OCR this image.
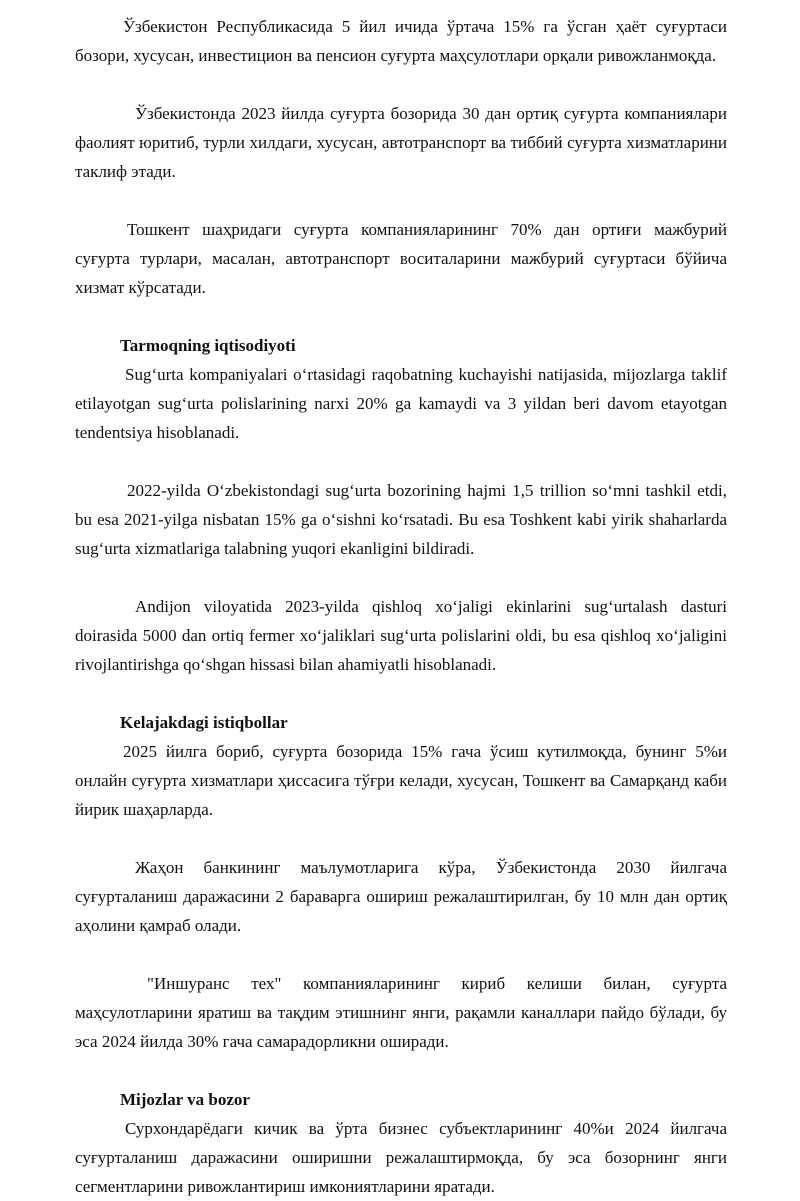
Ўзбекистон Республикасида 5 йил ичида ўртача 15% га ўсган ҳаёт суғуртаси бозори, хусусан, инвестицион ва пенсион суғурта маҳсулотлари орқали ривожланмоқда.

Ўзбекистонда 2023 йилда суғурта бозорида 30 дан ортиқ суғурта компаниялари фаолият юритиб, турли хилдаги, хусусан, автотранспорт ва тиббий суғурта хизматларини таклиф этади.

Тошкент шаҳридаги суғурта компанияларининг 70% дан ортиғи мажбурий суғурта турлари, масалан, автотранспорт воситаларини мажбурий суғуртаси бўйича хизмат кўрсатади.

Tarmoqning iqtisodiyoti

Sugʻurta kompaniyalari oʻrtasidagi raqobatning kuchayishi natijasida, mijozlarga taklif etilayotgan sugʻurta polislarining narxi 20% ga kamaydi va 3 yildan beri davom etayotgan tendentsiya hisoblanadi.

2022-yilda Oʻzbekistondagi sugʻurta bozorining hajmi 1,5 trillion soʻmni tashkil etdi, bu esa 2021-yilga nisbatan 15% ga oʻsishni koʻrsatadi. Bu esa Toshkent kabi yirik shaharlarda sugʻurta xizmatlariga talabning yuqori ekanligini bildiradi.

Andijon viloyatida 2023-yilda qishloq xoʻjaligi ekinlarini sugʻurtalash dasturi doirasida 5000 dan ortiq fermer xoʻjaliklari sugʻurta polislarini oldi, bu esa qishloq xoʻjaligini rivojlantirishga qoʻshgan hissasi bilan ahamiyatli hisoblanadi.

Kelajakdagi istiqbollar

2025 йилга бориб, суғурта бозорида 15% гача ўсиш кутилмоқда, бунинг 5%и онлайн суғурта хизматлари ҳиссасига тўғри келади, хусусан, Тошкент ва Самарқанд каби йирик шаҳарларда.

Жаҳон банкининг маълумотларига кўра, Ўзбекистонда 2030 йилгача суғурталаниш даражасини 2 бараварга ошириш режалаштирилган, бу 10 млн дан ортиқ аҳолини қамраб олади.

"Иншуранс тех" компанияларининг кириб келиши билан, суғурта маҳсулотларини яратиш ва тақдим этишнинг янги, рақамли каналлари пайдо бўлади, бу эса 2024 йилда 30% гача самарадорликни оширади.

Mijozlar va bozor

Сурхондарёдаги кичик ва ўрта бизнес субъектларининг 40%и 2024 йилгача суғурталаниш даражасини оширишни режалаштирмоқда, бу эса бозорнинг янги сегментларини ривожлантириш имкониятларини яратади.
